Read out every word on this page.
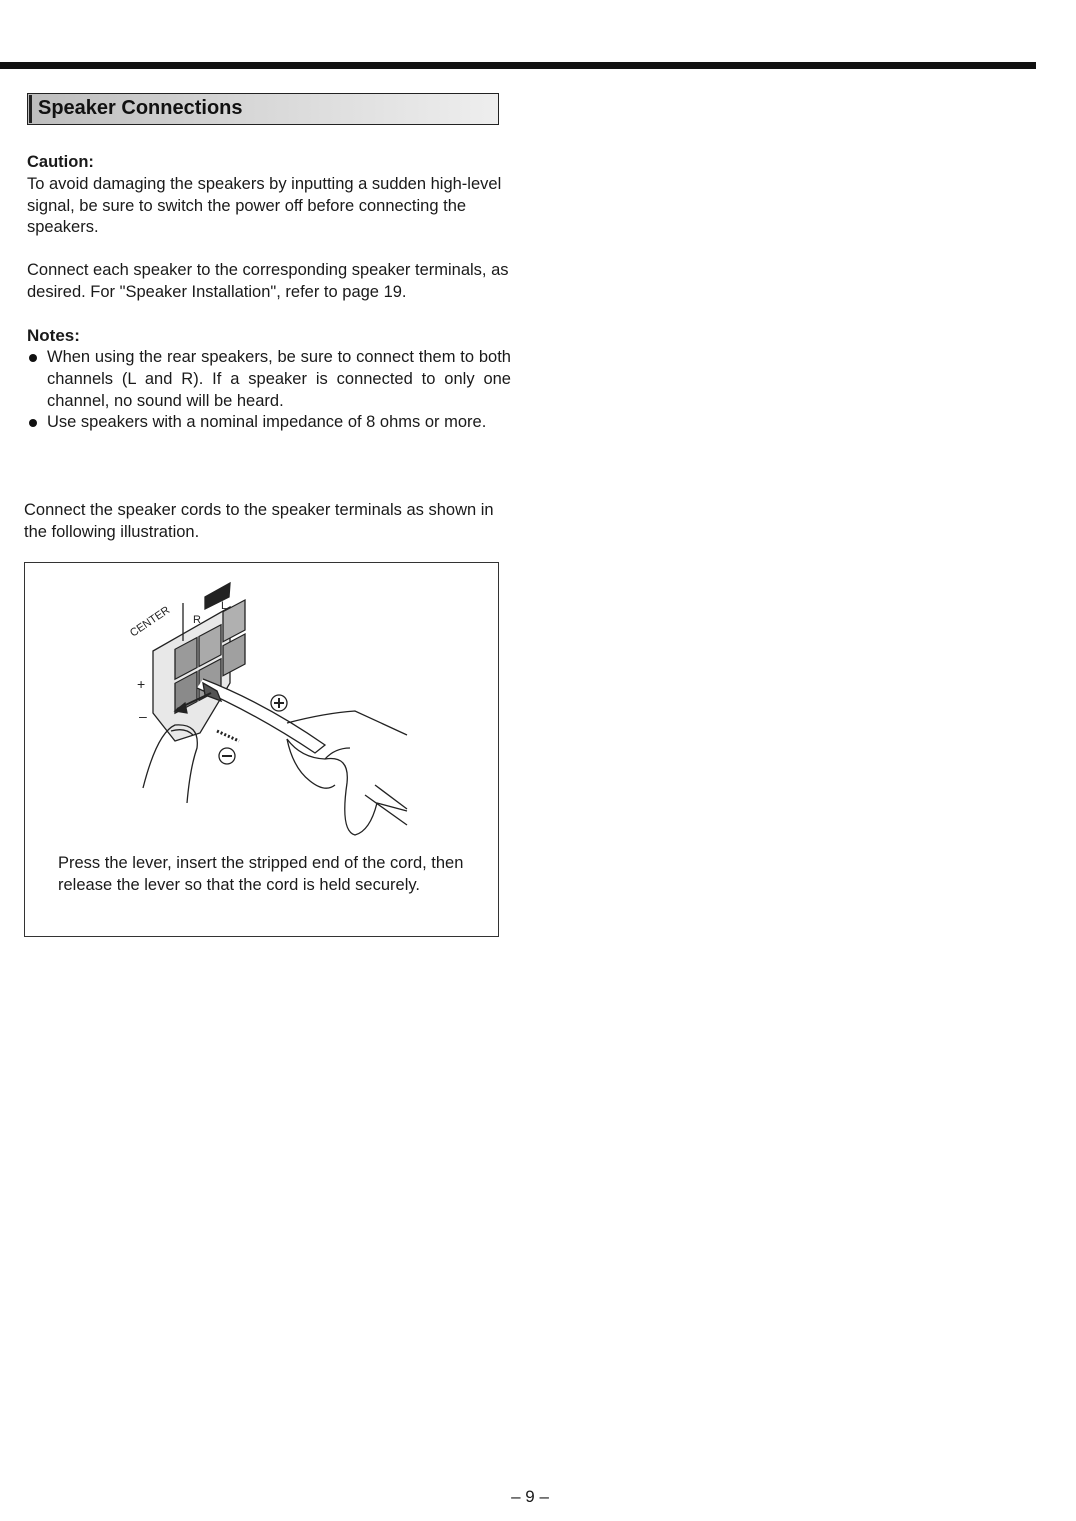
Speaker Connections
Caution:
To avoid damaging the speakers by inputting a sudden high-level signal, be sure to switch the power off before connecting the speakers.
Connect each speaker to the corresponding speaker terminals, as desired. For "Speaker Installation", refer to page 19.
Notes:
When using the rear speakers, be sure to connect them to both channels (L and R). If a speaker is connected to only one channel, no sound will be heard.
Use speakers with a nominal impedance of 8 ohms or more.
Connect the speaker cords to the speaker terminals as shown in the following illustration.
CENTER R
L
+
–
Press the lever, insert the stripped end of the cord, then release the lever so that the cord is held securely.
– 9 –
